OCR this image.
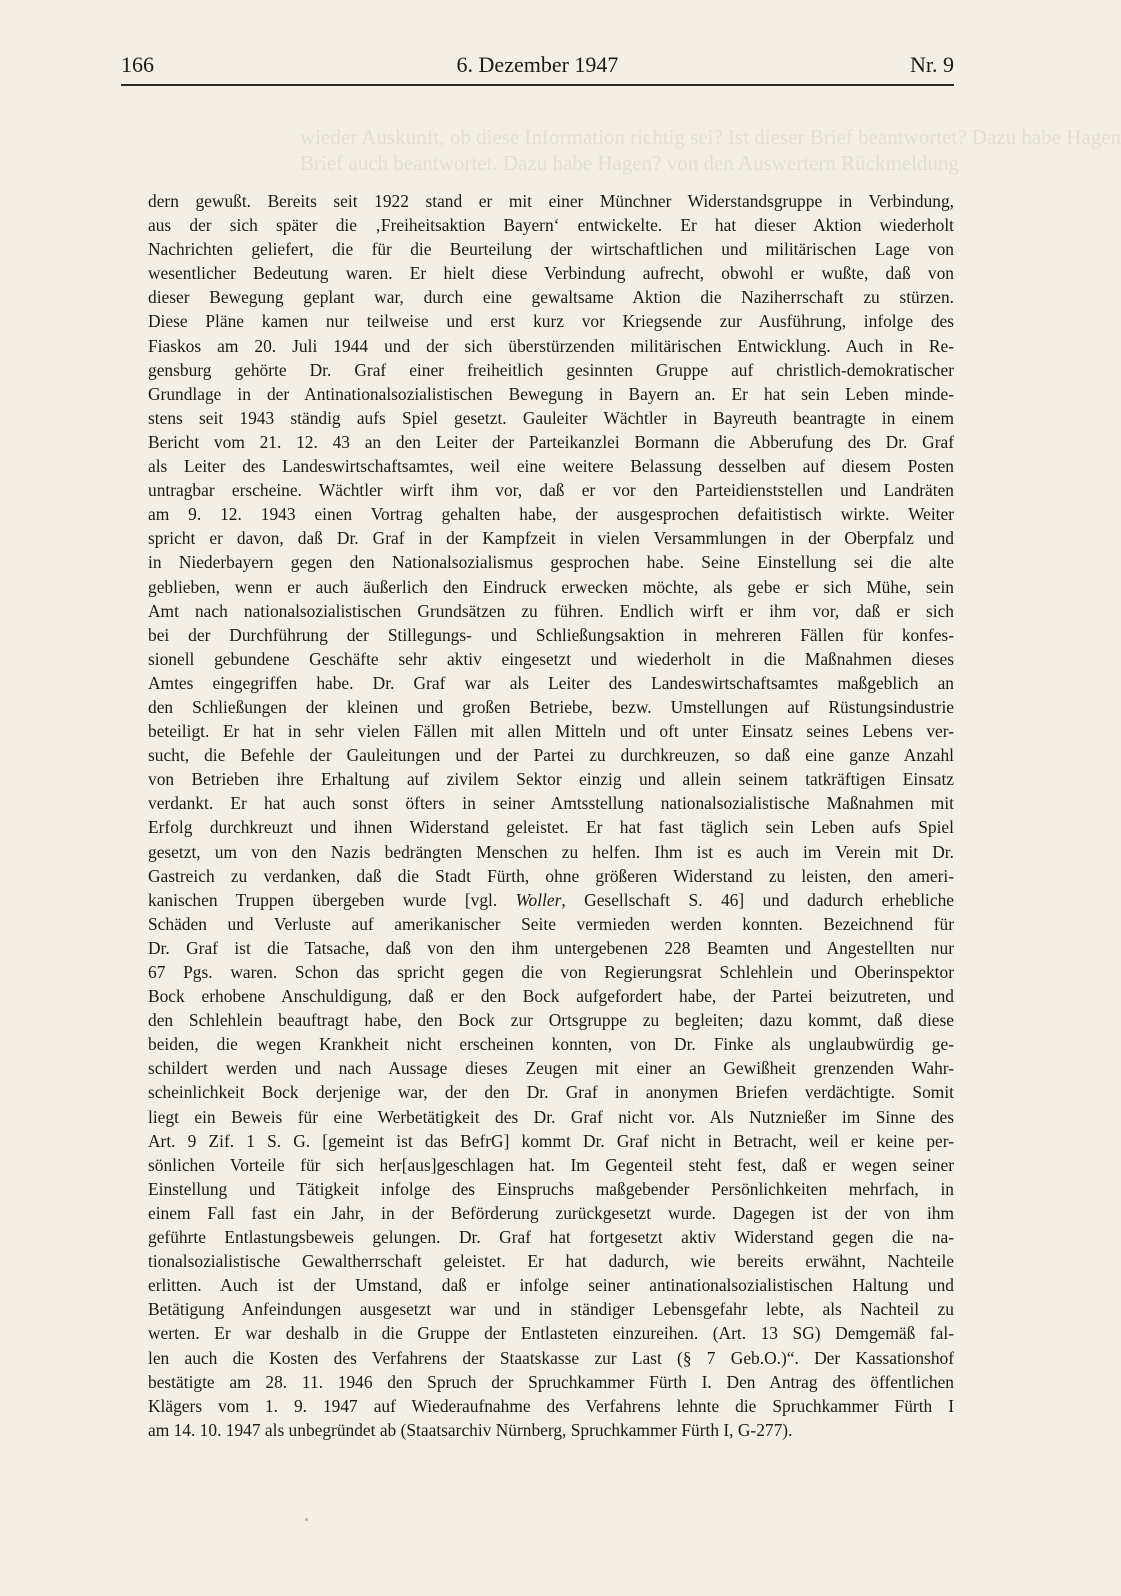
166	6. Dezember 1947	Nr. 9
wieder Auskunft, ob diese Information richtig sei? Ist dieser Brief beantwortet? Dazu habe Hagen
Brief auch beantwortet. Dazu habe Hagen? von den Auswertern Rückmeldung
dern gewußt. Bereits seit 1922 stand er mit einer Münchner Widerstandsgruppe in Verbindung,
aus der sich später die ‚Freiheitsaktion Bayern‘ entwickelte. Er hat dieser Aktion wiederholt
Nachrichten geliefert, die für die Beurteilung der wirtschaftlichen und militärischen Lage von
wesentlicher Bedeutung waren. Er hielt diese Verbindung aufrecht, obwohl er wußte, daß von
dieser Bewegung geplant war, durch eine gewaltsame Aktion die Naziherrschaft zu stürzen.
Diese Pläne kamen nur teilweise und erst kurz vor Kriegsende zur Ausführung, infolge des
Fiaskos am 20. Juli 1944 und der sich überstürzenden militärischen Entwicklung. Auch in Re-
gensburg gehörte Dr. Graf einer freiheitlich gesinnten Gruppe auf christlich-demokratischer
Grundlage in der Antinationalsozialistischen Bewegung in Bayern an. Er hat sein Leben minde-
stens seit 1943 ständig aufs Spiel gesetzt. Gauleiter Wächtler in Bayreuth beantragte in einem
Bericht vom 21. 12. 43 an den Leiter der Parteikanzlei Bormann die Abberufung des Dr. Graf
als Leiter des Landeswirtschaftsamtes, weil eine weitere Belassung desselben auf diesem Posten
untragbar erscheine. Wächtler wirft ihm vor, daß er vor den Parteidienststellen und Landräten
am 9. 12. 1943 einen Vortrag gehalten habe, der ausgesprochen defaitistisch wirkte. Weiter
spricht er davon, daß Dr. Graf in der Kampfzeit in vielen Versammlungen in der Oberpfalz und
in Niederbayern gegen den Nationalsozialismus gesprochen habe. Seine Einstellung sei die alte
geblieben, wenn er auch äußerlich den Eindruck erwecken möchte, als gebe er sich Mühe, sein
Amt nach nationalsozialistischen Grundsätzen zu führen. Endlich wirft er ihm vor, daß er sich
bei der Durchführung der Stillegungs- und Schließungsaktion in mehreren Fällen für konfes-
sionell gebundene Geschäfte sehr aktiv eingesetzt und wiederholt in die Maßnahmen dieses
Amtes eingegriffen habe. Dr. Graf war als Leiter des Landeswirtschaftsamtes maßgeblich an
den Schließungen der kleinen und großen Betriebe, bezw. Umstellungen auf Rüstungsindustrie
beteiligt. Er hat in sehr vielen Fällen mit allen Mitteln und oft unter Einsatz seines Lebens ver-
sucht, die Befehle der Gauleitungen und der Partei zu durchkreuzen, so daß eine ganze Anzahl
von Betrieben ihre Erhaltung auf zivilem Sektor einzig und allein seinem tatkräftigen Einsatz
verdankt. Er hat auch sonst öfters in seiner Amtsstellung nationalsozialistische Maßnahmen mit
Erfolg durchkreuzt und ihnen Widerstand geleistet. Er hat fast täglich sein Leben aufs Spiel
gesetzt, um von den Nazis bedrängten Menschen zu helfen. Ihm ist es auch im Verein mit Dr.
Gastreich zu verdanken, daß die Stadt Fürth, ohne größeren Widerstand zu leisten, den ameri-
kanischen Truppen übergeben wurde [vgl. Woller, Gesellschaft S. 46] und dadurch erhebliche
Schäden und Verluste auf amerikanischer Seite vermieden werden konnten. Bezeichnend für
Dr. Graf ist die Tatsache, daß von den ihm untergebenen 228 Beamten und Angestellten nur
67 Pgs. waren. Schon das spricht gegen die von Regierungsrat Schlehlein und Oberinspektor
Bock erhobene Anschuldigung, daß er den Bock aufgefordert habe, der Partei beizutreten, und
den Schlehlein beauftragt habe, den Bock zur Ortsgruppe zu begleiten; dazu kommt, daß diese
beiden, die wegen Krankheit nicht erscheinen konnten, von Dr. Finke als unglaubwürdig ge-
schildert werden und nach Aussage dieses Zeugen mit einer an Gewißheit grenzenden Wahr-
scheinlichkeit Bock derjenige war, der den Dr. Graf in anonymen Briefen verdächtigte. Somit
liegt ein Beweis für eine Werbetätigkeit des Dr. Graf nicht vor. Als Nutznießer im Sinne des
Art. 9 Zif. 1 S. G. [gemeint ist das BefrG] kommt Dr. Graf nicht in Betracht, weil er keine per-
sönlichen Vorteile für sich her[aus]geschlagen hat. Im Gegenteil steht fest, daß er wegen seiner
Einstellung und Tätigkeit infolge des Einspruchs maßgebender Persönlichkeiten mehrfach, in
einem Fall fast ein Jahr, in der Beförderung zurückgesetzt wurde. Dagegen ist der von ihm
geführte Entlastungsbeweis gelungen. Dr. Graf hat fortgesetzt aktiv Widerstand gegen die na-
tionalsozialistische Gewaltherrschaft geleistet. Er hat dadurch, wie bereits erwähnt, Nachteile
erlitten. Auch ist der Umstand, daß er infolge seiner antinationalsozialistischen Haltung und
Betätigung Anfeindungen ausgesetzt war und in ständiger Lebensgefahr lebte, als Nachteil zu
werten. Er war deshalb in die Gruppe der Entlasteten einzureihen. (Art. 13 SG) Demgemäß fal-
len auch die Kosten des Verfahrens der Staatskasse zur Last (§ 7 Geb.O.)“. Der Kassationshof
bestätigte am 28. 11. 1946 den Spruch der Spruchkammer Fürth I. Den Antrag des öffentlichen
Klägers vom 1. 9. 1947 auf Wiederaufnahme des Verfahrens lehnte die Spruchkammer Fürth I
am 14. 10. 1947 als unbegründet ab (Staatsarchiv Nürnberg, Spruchkammer Fürth I, G-277).
